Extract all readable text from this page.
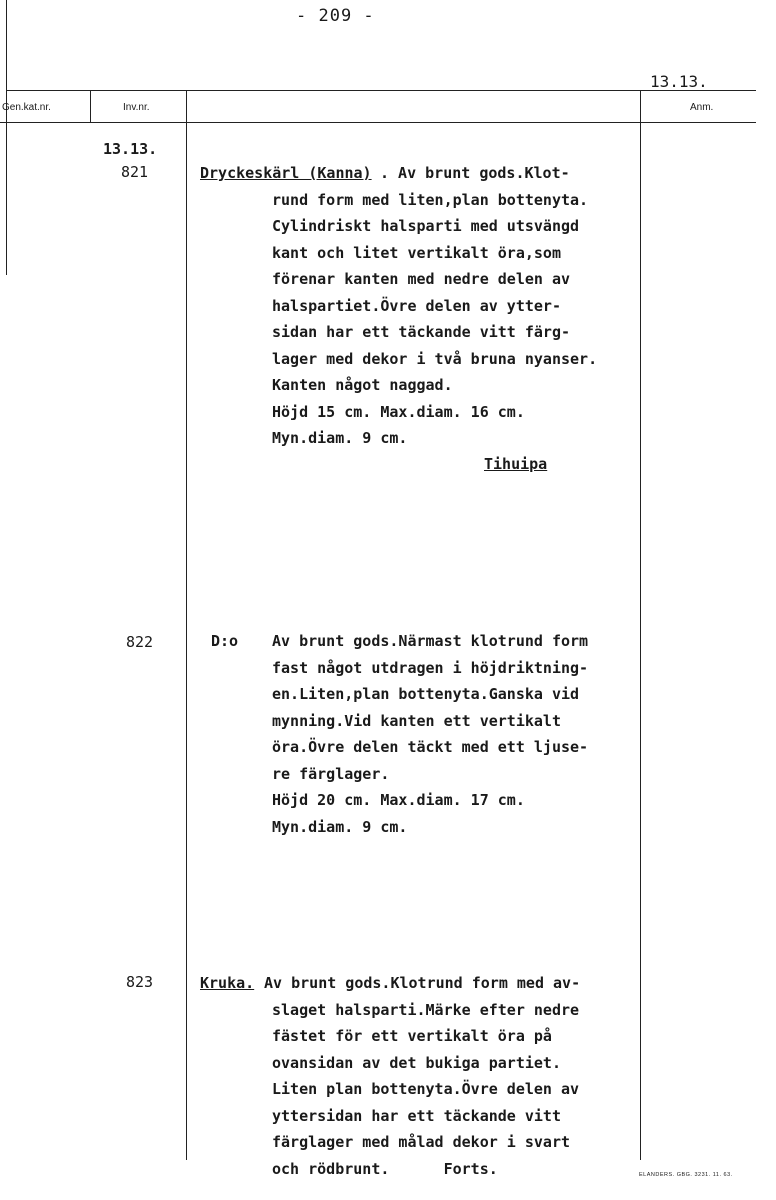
- 209 -
13.13.
Gen.kat.nr.	Inv.nr.	Anm.
13.13.
821	Dryckeskärl (Kanna) . Av brunt gods.Klot-
rund form med liten,plan bottenyta.
Cylindriskt halsparti med utsvängd
kant och litet vertikalt öra,som
förenar kanten med nedre delen av
halspartiet.Övre delen av ytter-
sidan har ett täckande vitt färg-
lager med dekor i två bruna nyanser.
Kanten något naggad.
Höjd 15 cm. Max.diam. 16 cm.
Myn.diam. 9 cm.
Tihuipa
822	D:o Av brunt gods.Närmast klotrund form
fast något utdragen i höjdriktning-
en.Liten,plan bottenyta.Ganska vid
mynning.Vid kanten ett vertikalt
öra.Övre delen täckt med ett ljuse-
re färglager.
Höjd 20 cm. Max.diam. 17 cm.
Myn.diam. 9 cm.
823	Kruka. Av brunt gods.Klotrund form med av-
slaget halsparti.Märke efter nedre
fästet för ett vertikalt öra på
ovansidan av det bukiga partiet.
Liten plan bottenyta.Övre delen av
yttersidan har ett täckande vitt
färglager med målad dekor i svart
och rödbrunt.      Forts.	ELANDERS. GBG. 3231. 11. 63.
